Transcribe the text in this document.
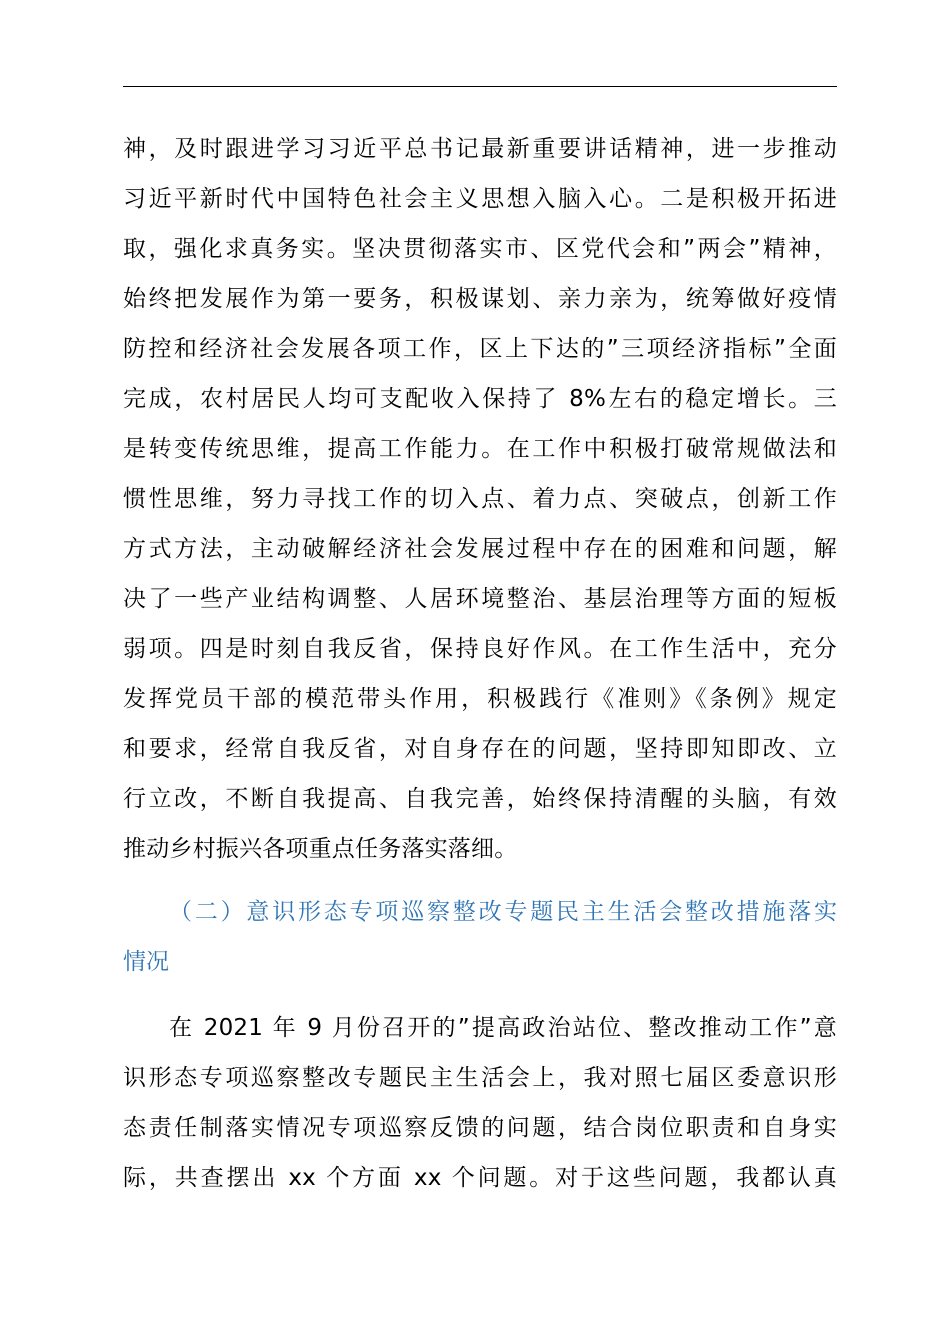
神，及时跟进学习习近平总书记最新重要讲话精神，进一步推动
习近平新时代中国特色社会主义思想入脑入心。二是积极开拓进
取，强化求真务实。坚决贯彻落实市、区党代会和”两会”精神，
始终把发展作为第一要务，积极谋划、亲力亲为，统筹做好疫情
防控和经济社会发展各项工作，区上下达的”三项经济指标”全面
完成，农村居民人均可支配收入保持了 8%左右的稳定增长。三
是转变传统思维，提高工作能力。在工作中积极打破常规做法和
惯性思维，努力寻找工作的切入点、着力点、突破点，创新工作
方式方法，主动破解经济社会发展过程中存在的困难和问题，解
决了一些产业结构调整、人居环境整治、基层治理等方面的短板
弱项。四是时刻自我反省，保持良好作风。在工作生活中，充分
发挥党员干部的模范带头作用，积极践行《准则》《条例》规定
和要求，经常自我反省，对自身存在的问题，坚持即知即改、立
行立改，不断自我提高、自我完善，始终保持清醒的头脑，有效
推动乡村振兴各项重点任务落实落细。
（二）意识形态专项巡察整改专题民主生活会整改措施落实
情况
在 2021 年 9 月份召开的”提高政治站位、整改推动工作”意
识形态专项巡察整改专题民主生活会上，我对照七届区委意识形
态责任制落实情况专项巡察反馈的问题，结合岗位职责和自身实
际，共查摆出 xx 个方面 xx 个问题。对于这些问题，我都认真
